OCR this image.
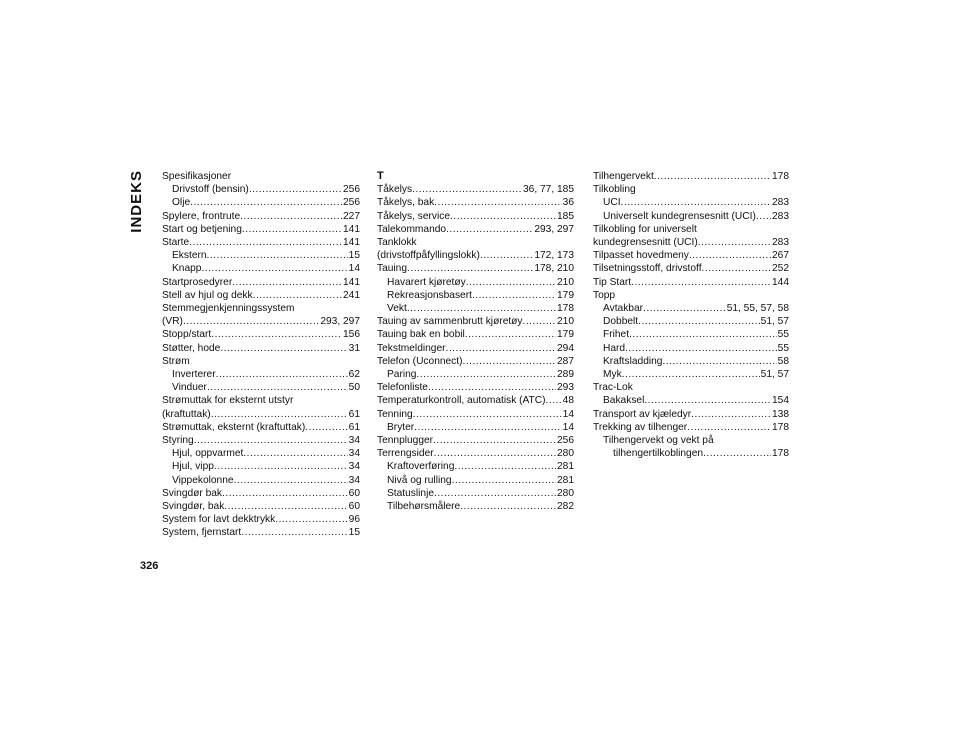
INDEKS Spesifikasjoner
Drivstoff (bensin) .....	256
Olje .....	256
Spylere, frontrute .....	227
Start og betjening .....	141
Starte .....	141
Ekstern .....	15
Knapp .....	14
Startprosedyrer .....	141
Stell av hjul og dekk .....	241
Stemmegjenkjenningssystem
(VR) .....	293, 297
Stopp/start .....	156
Støtter, hode .....	31
Strøm
Inverterer .....	62
Vinduer .....	50
Strømuttak for eksternt utstyr
(kraftuttak) .....	61
Strømuttak, eksternt (kraftuttak) .....	61
Styring .....	34
Hjul, oppvarmet .....	34
Hjul, vipp .....	34
Vippekolonne .....	34
Svingdør bak .....	60
Svingdør, bak .....	60
System for lavt dekktrykk .....	96
System, fjernstart .....	15
T
Tåkelys .....	36, 77, 185
Tåkelys, bak .....	36
Tåkelys, service .....	185
Talekommando .....	293, 297
Tanklokk
(drivstoffpåfyllingslokk) .....	172, 173
Tauing .....	178, 210
Havarert kjøretøy .....	210
Rekreasjonsbasert .....	179
Vekt .....	178
Tauing av sammenbrutt kjøretøy .....	210
Tauing bak en bobil .....	179
Tekstmeldinger .....	294
Telefon (Uconnect) .....	287
Paring .....	289
Telefonliste .....	293
Temperaturkontroll, automatisk (ATC) ..... 48
Tenning .....	14
Bryter .....	14
Tennplugger .....	256
Terrengsider .....	280
Kraftoverføring .....	281
Nivå og rulling .....	281
Statuslinje .....	280
Tilbehørsmålere .....	282
Tilhengervekt .....	178
Tilkobling
UCI .....	283
Universelt kundegrensesnitt (UCI) ..... 283
Tilkobling for universelt
kundegrensesnitt (UCI) .....	283
Tilpasset hovedmeny .....	267
Tilsetningsstoff, drivstoff .....	252
Tip Start .....	144
Topp
Avtakbar .....	51, 55, 57, 58
Dobbelt .....	51, 57
Frihet .....	55
Hard .....	55
Kraftsladding .....	58
Myk .....	51, 57
Trac-Lok
Bakaksel .....	154
Transport av kjæledyr .....	138
Trekking av tilhenger .....	178
Tilhengervekt og vekt på
tilhengertilkoblingen .....	178
326
